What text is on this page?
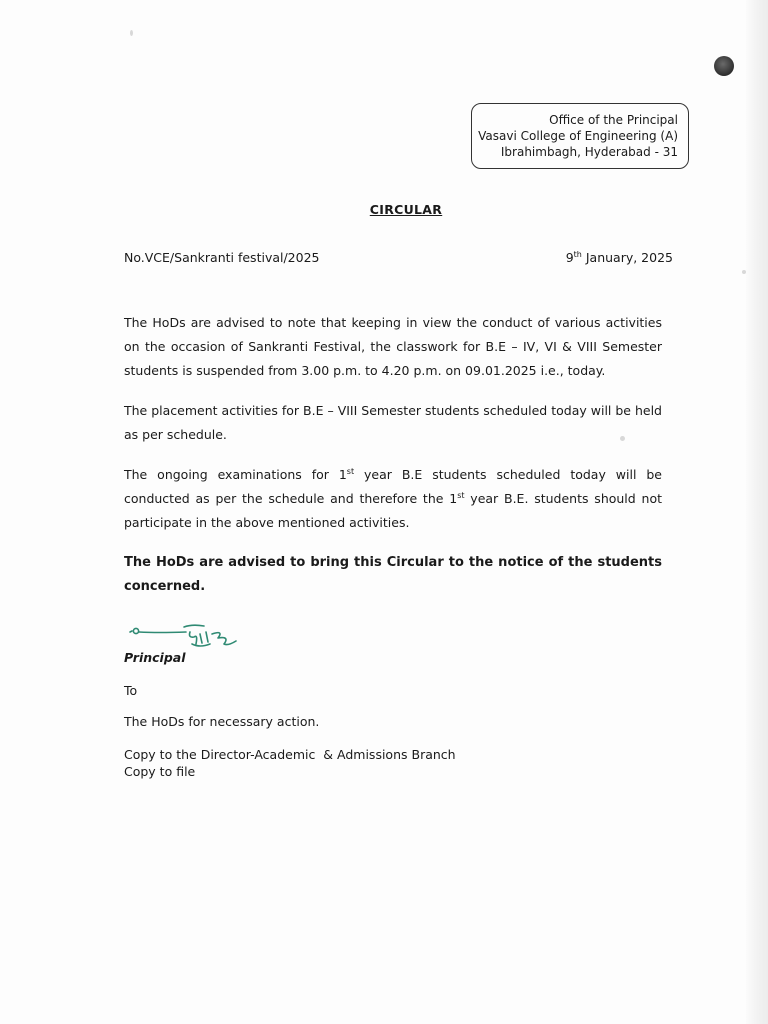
Office of the Principal
Vasavi College of Engineering (A)
Ibrahimbagh, Hyderabad - 31
CIRCULAR
No.VCE/Sankranti festival/2025	9th January, 2025
The HoDs are advised to note that keeping in view the conduct of various activities on the occasion of Sankranti Festival, the classwork for B.E – IV, VI & VIII Semester students is suspended from 3.00 p.m. to 4.20 p.m. on 09.01.2025 i.e., today.
The placement activities for B.E – VIII Semester students scheduled today will be held as per schedule.
The ongoing examinations for 1st year B.E students scheduled today will be conducted as per the schedule and therefore the 1st year B.E. students should not participate in the above mentioned activities.
The HoDs are advised to bring this Circular to the notice of the students concerned.
Principal
To
The HoDs for necessary action.
Copy to the Director-Academic  & Admissions Branch
Copy to file
